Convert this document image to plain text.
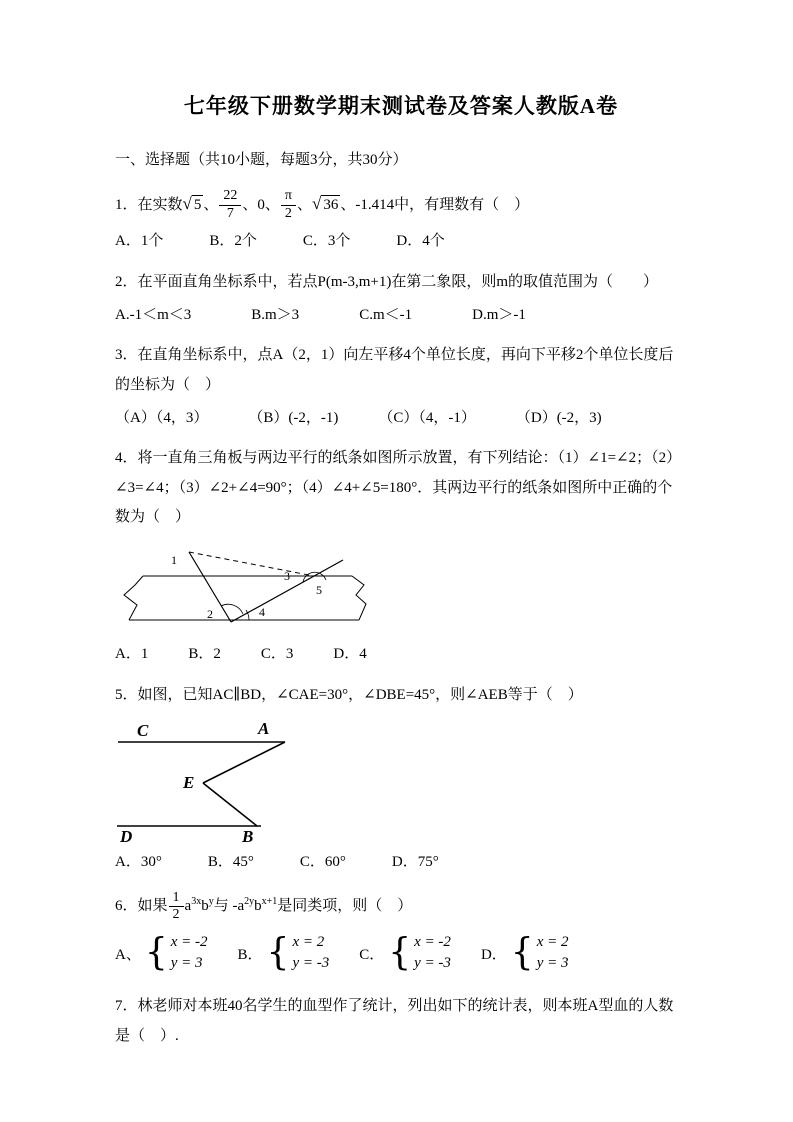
七年级下册数学期末测试卷及答案人教版A卷

一、选择题（共10小题，每题3分，共30分）

1．在实数 √ 5 、 $\frac{22}{7}$ 、0、 $\frac{\pi}{2}$ 、 √ 36 、-1.414中，有理数有（　）
A．1个	B．2个	C．3个	D．4个

2．在平面直角坐标系中，若点P(m-3,m+1)在第二象限，则m的取值范围为（　　）

A.-1＜m＜3	B.m＞3	C.m＜-1	D.m＞-1

3．在直角坐标系中，点A（2，1）向左平移4个单位长度，再向下平移2个单位长度后的坐标为（　）

（A）（4，3）	（B）(-2，-1)	（C）（4，-1）	（D）(-2，3)

4．将一直角三角板与两边平行的纸条如图所示放置，有下列结论：（1）∠1=∠2；（2）∠3=∠4；（3）∠2+∠4=90°；（4）∠4+∠5=180°．其两边平行的纸条如图所中正确的个数为（　）

1
2
3
4
5
A．1	B．2	C．3	D．4

5．如图，已知AC∥BD，∠CAE=30°，∠DBE=45°，则∠AEB等于（　）

C	A
E
D	B
A．30°	B．45°	C．60°	D．75°
6．如果 $\frac{1}{2} a^{3x}b^y$ 与 - $a^{2y}b^{x+1}$ 是同类项，则（　）
A、 { x = -2
y = 3
B． { x = 2
y = -3
C． { x = -2
y = -3
D． { x = 2
y = 3

7．林老师对本班40名学生的血型作了统计，列出如下的统计表，则本班A型血的人数是（　）.
